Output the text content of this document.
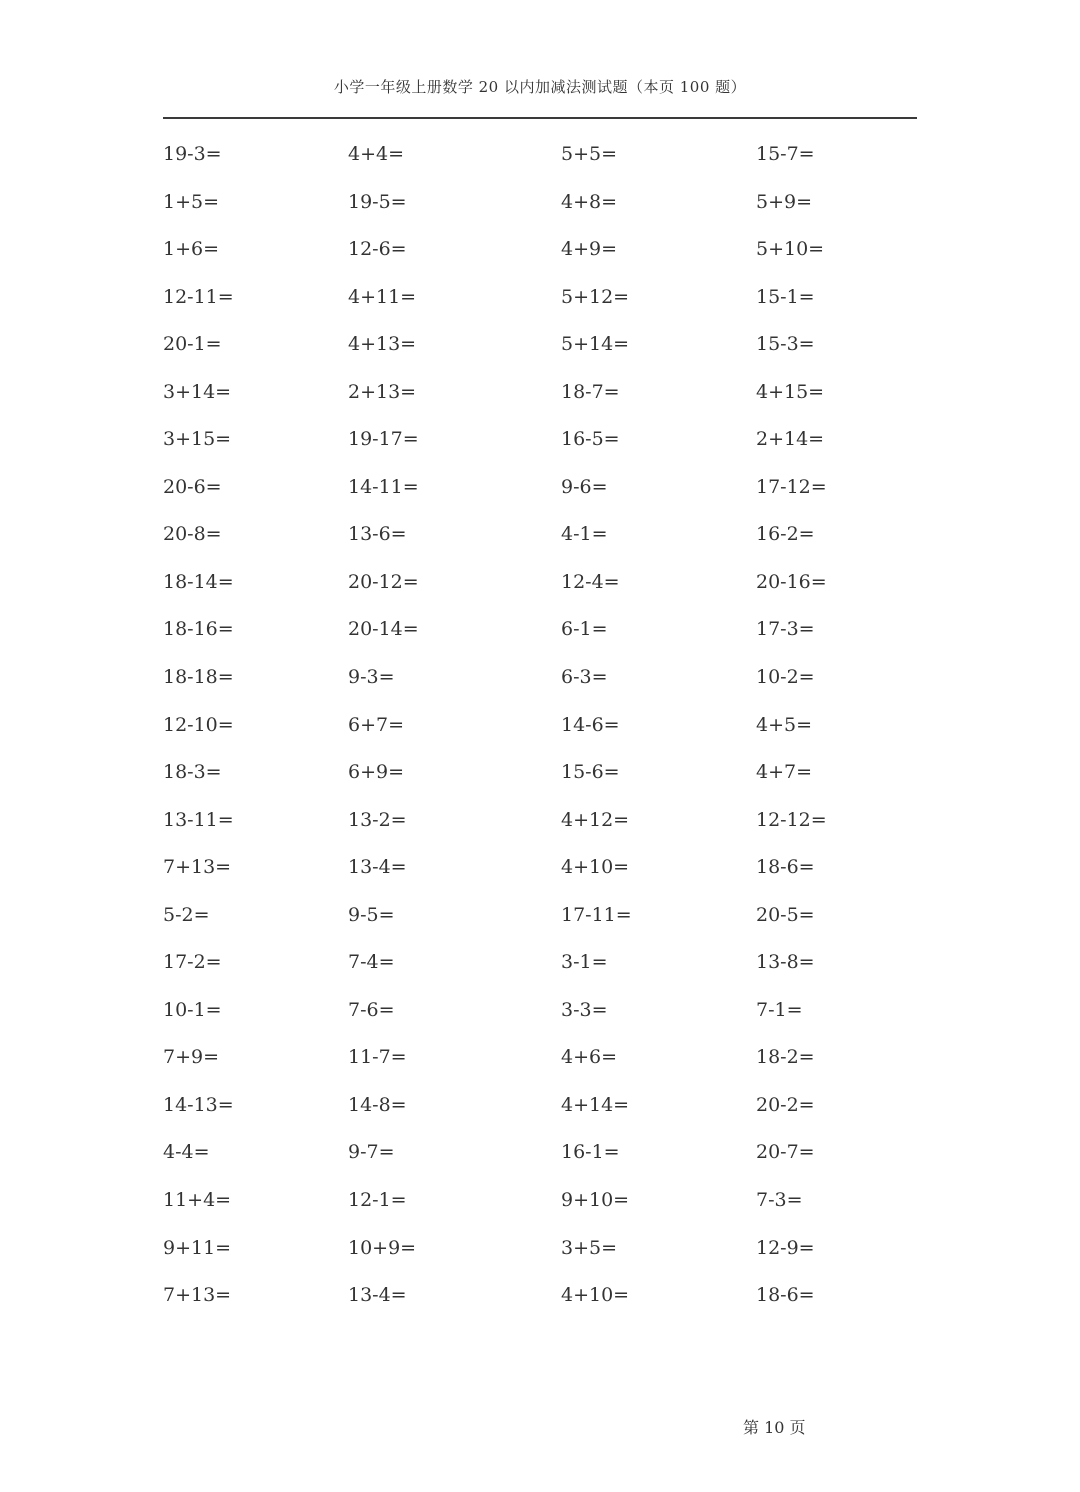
小学一年级上册数学 20 以内加减法测试题（本页 100 题）
19-3=	4+4=	5+5=	15-7=
1+5=	19-5=	4+8=	5+9=
1+6=	12-6=	4+9=	5+10=
12-11=	4+11=	5+12=	15-1=
20-1=	4+13=	5+14=	15-3=
3+14=	2+13=	18-7=	4+15=
3+15=	19-17=	16-5=	2+14=
20-6=	14-11=	9-6=	17-12=
20-8=	13-6=	4-1=	16-2=
18-14=	20-12=	12-4=	20-16=
18-16=	20-14=	6-1=	17-3=
18-18=	9-3=	6-3=	10-2=
12-10=	6+7=	14-6=	4+5=
18-3=	6+9=	15-6=	4+7=
13-11=	13-2=	4+12=	12-12=
7+13=	13-4=	4+10=	18-6=
5-2=	9-5=	17-11=	20-5=
17-2=	7-4=	3-1=	13-8=
10-1=	7-6=	3-3=	7-1=
7+9=	11-7=	4+6=	18-2=
14-13=	14-8=	4+14=	20-2=
4-4=	9-7=	16-1=	20-7=
11+4=	12-1=	9+10=	7-3=
9+11=	10+9=	3+5=	12-9=
7+13=	13-4=	4+10=	18-6=
第 10 页
